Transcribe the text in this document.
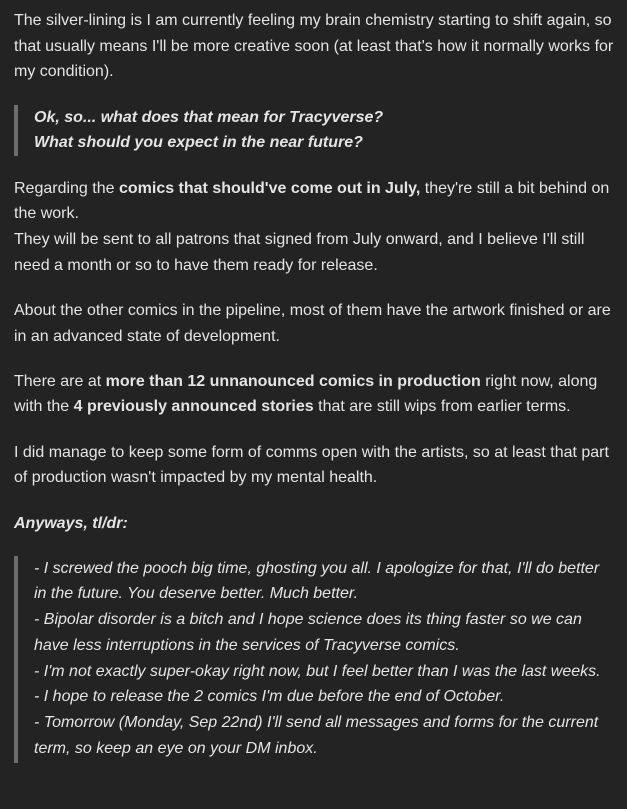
The silver-lining is I am currently feeling my brain chemistry starting to shift again, so that usually means I'll be more creative soon (at least that's how it normally works for my condition).

Ok, so... what does that mean for Tracyverse?
What should you expect in the near future?

Regarding the comics that should've come out in July, they're still a bit behind on the work.
They will be sent to all patrons that signed from July onward, and I believe I'll still need a month or so to have them ready for release.

About the other comics in the pipeline, most of them have the artwork finished or are in an advanced state of development.

There are at more than 12 unnanounced comics in production right now, along with the 4 previously announced stories that are still wips from earlier terms.

I did manage to keep some form of comms open with the artists, so at least that part of production wasn't impacted by my mental health.

Anyways, tl/dr:

- I screwed the pooch big time, ghosting you all. I apologize for that, I'll do better in the future. You deserve better. Much better.
- Bipolar disorder is a bitch and I hope science does its thing faster so we can have less interruptions in the services of Tracyverse comics.
- I'm not exactly super-okay right now, but I feel better than I was the last weeks.
- I hope to release the 2 comics I'm due before the end of October.
- Tomorrow (Monday, Sep 22nd) I'll send all messages and forms for the current term, so keep an eye on your DM inbox.
